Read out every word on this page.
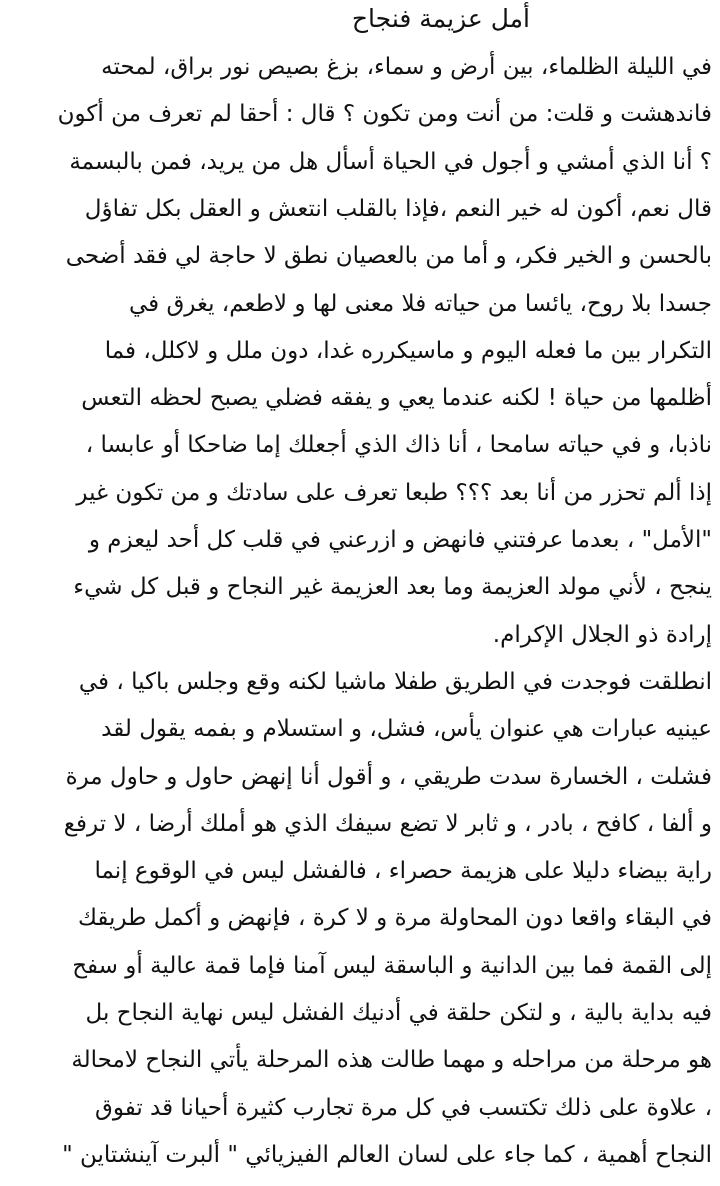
أمل عزيمة فنجاح
في الليلة الظلماء، بين أرض و سماء، بزغ بصيص نور براق، لمحته
فاندهشت و قلت: من أنت ومن تكون ؟ قال : أحقا لم تعرف من أكون
؟ أنا الذي أمشي و أجول في الحياة أسأل هل من يريد، فمن بالبسمة
قال نعم، أكون له خير النعم ،فإذا بالقلب انتعش و العقل بكل تفاؤل
بالحسن و الخير فكر، و أما من بالعصيان نطق لا حاجة لي فقد أضحى
جسدا بلا روح، يائسا من حياته فلا معنى لها و لاطعم، يغرق في
التكرار بين ما فعله اليوم و ماسيكرره غدا، دون ملل و لاكلل، فما
أظلمها من حياة ! لكنه عندما يعي و يفقه فضلي يصبح لحظه التعس
ناذبا، و في حياته سامحا ، أنا ذاك الذي أجعلك إما ضاحكا أو عابسا ،
إذا ألم تحزر من أنا بعد ؟؟؟ طبعا تعرف على سادتك و من تكون غير
"الأمل" ، بعدما عرفتني فانهض و ازرعني في قلب كل أحد ليعزم و
ينجح ، لأني مولد العزيمة وما بعد العزيمة غير النجاح و قبل كل شيء
إرادة ذو الجلال الإكرام.
انطلقت فوجدت في الطريق طفلا ماشيا لكنه وقع وجلس باكيا ، في
عينيه عبارات هي عنوان يأس، فشل، و استسلام و بفمه يقول لقد
فشلت ، الخسارة سدت طريقي ، و أقول أنا إنهض حاول و حاول مرة
و ألفا ، كافح ، بادر ، و ثابر لا تضع سيفك الذي هو أملك أرضا ، لا ترفع
راية بيضاء دليلا على هزيمة حصراء ، فالفشل ليس في الوقوع إنما
في البقاء واقعا دون المحاولة مرة و لا كرة ، فإنهض و أكمل طريقك
إلى القمة فما بين الدانية و الباسقة ليس آمنا فإما قمة عالية أو سفح
فيه بداية بالية ، و لتكن حلقة في أدنيك الفشل ليس نهاية النجاح بل
هو مرحلة من مراحله و مهما طالت هذه المرحلة يأتي النجاح لامحالة
، علاوة على ذلك تكتسب في كل مرة تجارب كثيرة أحيانا قد تفوق
النجاح أهمية ، كما جاء على لسان العالم الفيزيائي " ألبرت آينشتاين "
